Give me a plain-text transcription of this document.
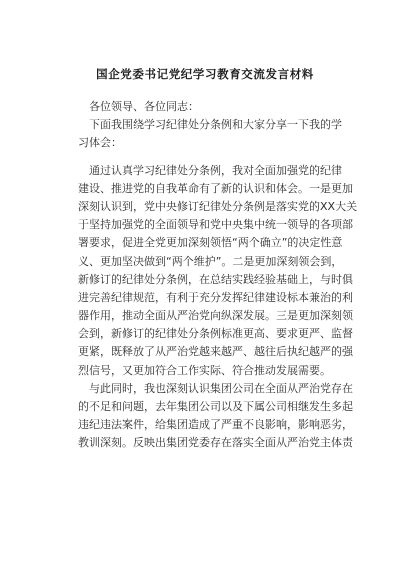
国企党委书记党纪学习教育交流发言材料
各位领导、各位同志：
下面我围绕学习纪律处分条例和大家分享一下我的学
习体会：
通过认真学习纪律处分条例，我对全面加强党的纪律
建设、推进党的自我革命有了新的认识和体会。一是更加
深刻认识到，党中央修订纪律处分条例是落实党的XX大关
于坚持加强党的全面领导和党中央集中统一领导的各项部
署要求，促进全党更加深刻领悟“两个确立”的决定性意
义、更加坚决做到“两个维护”。二是更加深刻领会到，
新修订的纪律处分条例，在总结实践经验基础上，与时俱
进完善纪律规范，有利于充分发挥纪律建设标本兼治的利
器作用，推动全面从严治党向纵深发展。三是更加深刻领
会到，新修订的纪律处分条例标准更高、要求更严、监督
更紧，既释放了从严治党越来越严、越往后执纪越严的强
烈信号，又更加符合工作实际、符合推动发展需要。
与此同时，我也深刻认识集团公司在全面从严治党存在
的不足和问题，去年集团公司以及下属公司相继发生多起
违纪违法案件，给集团造成了严重不良影响，影响恶劣，
教训深刻。反映出集团党委存在落实全面从严治党主体责
